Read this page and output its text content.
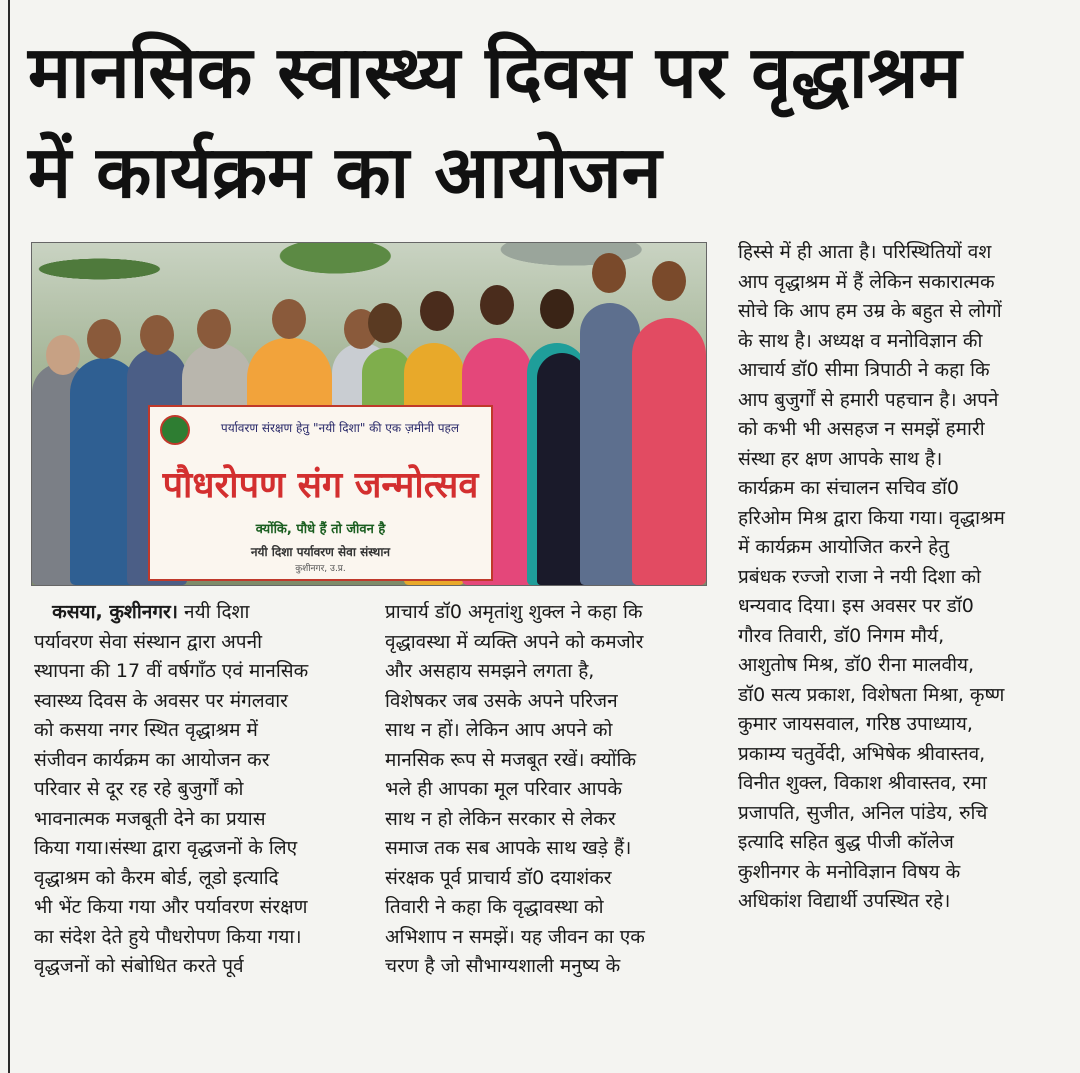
मानसिक स्वास्थ्य दिवस पर वृद्धाश्रम
में कार्यक्रम का आयोजन
पर्यावरण संरक्षण हेतु "नयी दिशा" की एक ज़मीनी पहल
पौधरोपण संग जन्मोत्सव
क्योंकि, पौधे हैं तो जीवन है
नयी दिशा पर्यावरण सेवा संस्थान
कुशीनगर, उ.प्र.
कसया, कुशीनगर। नयी दिशा
पर्यावरण सेवा संस्थान द्वारा अपनी
स्थापना की 17 वीं वर्षगाँठ एवं मानसिक
स्वास्थ्य दिवस के अवसर पर मंगलवार
को कसया नगर स्थित वृद्धाश्रम में
संजीवन कार्यक्रम का आयोजन कर
परिवार से दूर रह रहे बुजुर्गों को
भावनात्मक मजबूती देने का प्रयास
किया गया।संस्था द्वारा वृद्धजनों के लिए
वृद्धाश्रम को कैरम बोर्ड, लूडो इत्यादि
भी भेंट किया गया और पर्यावरण संरक्षण
का संदेश देते हुये पौधरोपण किया गया।
वृद्धजनों को संबोधित करते पूर्व
प्राचार्य डॉ0 अमृतांशु शुक्ल ने कहा कि
वृद्धावस्था में व्यक्ति अपने को कमजोर
और असहाय समझने लगता है,
विशेषकर जब उसके अपने परिजन
साथ न हों। लेकिन आप अपने को
मानसिक रूप से मजबूत रखें। क्योंकि
भले ही आपका मूल परिवार आपके
साथ न हो लेकिन सरकार से लेकर
समाज तक सब आपके साथ खड़े हैं।
संरक्षक पूर्व प्राचार्य डॉ0 दयाशंकर
तिवारी ने कहा कि वृद्धावस्था को
अभिशाप न समझें। यह जीवन का एक
चरण है जो सौभाग्यशाली मनुष्य के
हिस्से में ही आता है। परिस्थितियों वश
आप वृद्धाश्रम में हैं लेकिन सकारात्मक
सोचे कि आप हम उम्र के बहुत से लोगों
के साथ है। अध्यक्ष व मनोविज्ञान की
आचार्य डॉ0 सीमा त्रिपाठी ने कहा कि
आप बुजुर्गों से हमारी पहचान है। अपने
को कभी भी असहज न समझें हमारी
संस्था हर क्षण आपके साथ है।
कार्यक्रम का संचालन सचिव डॉ0
हरिओम मिश्र द्वारा किया गया। वृद्धाश्रम
में कार्यक्रम आयोजित करने हेतु
प्रबंधक रज्जो राजा ने नयी दिशा को
धन्यवाद दिया। इस अवसर पर डॉ0
गौरव तिवारी, डॉ0 निगम मौर्य,
आशुतोष मिश्र, डॉ0 रीना मालवीय,
डॉ0 सत्य प्रकाश, विशेषता मिश्रा, कृष्ण
कुमार जायसवाल, गरिष्ठ उपाध्याय,
प्रकाम्य चतुर्वेदी, अभिषेक श्रीवास्तव,
विनीत शुक्ल, विकाश श्रीवास्तव, रमा
प्रजापति, सुजीत, अनिल पांडेय, रुचि
इत्यादि सहित बुद्ध पीजी कॉलेज
कुशीनगर के मनोविज्ञान विषय के
अधिकांश विद्यार्थी उपस्थित रहे।
